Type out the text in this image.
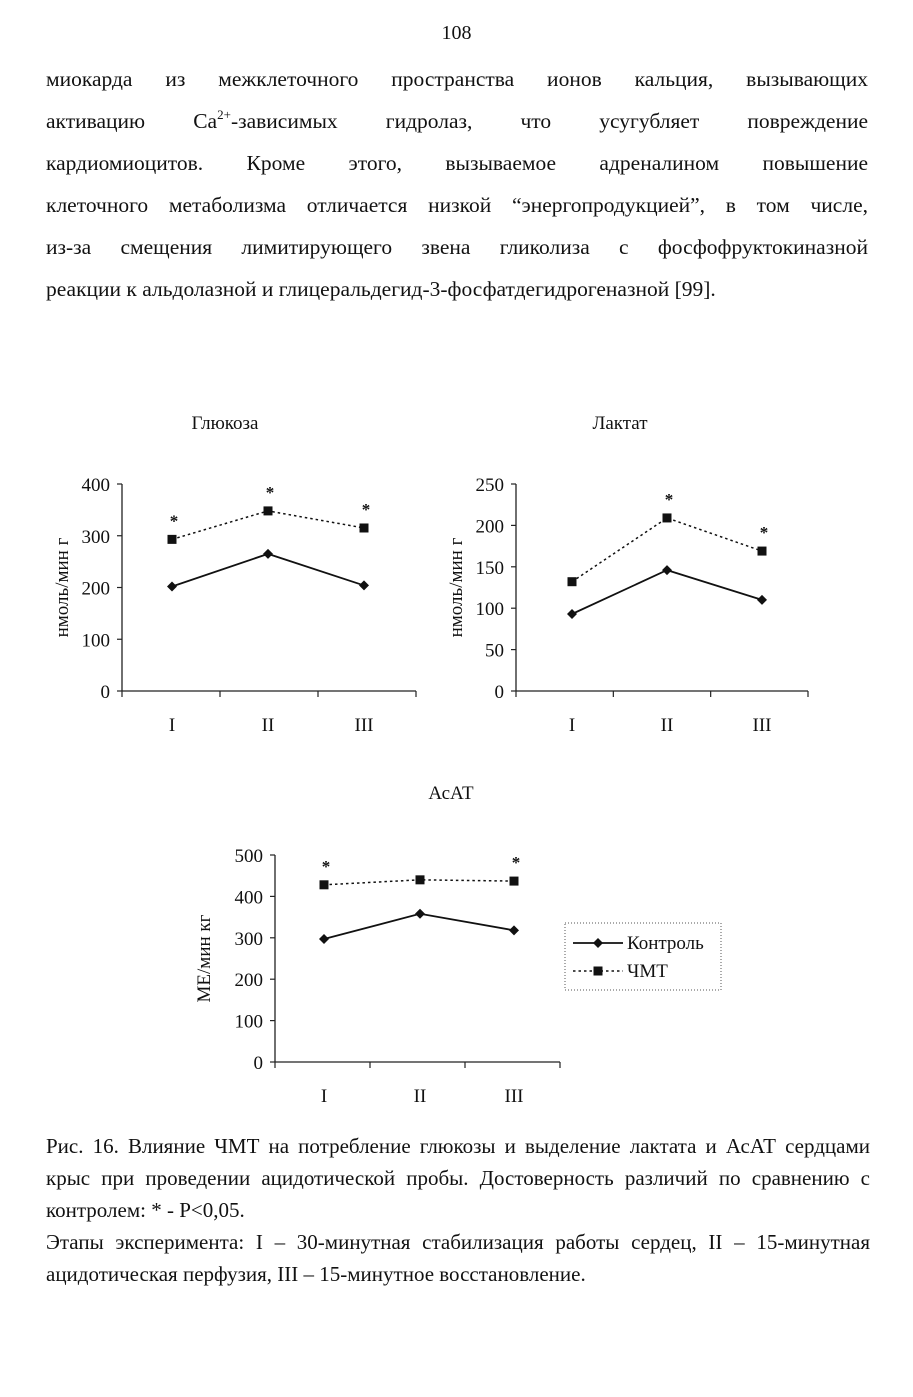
108
миокарда из межклеточного пространства ионов кальция, вызывающих
активацию $Ca^{2+}$-зависимых гидролаз, что усугубляет повреждение
кардиомиоцитов. Кроме этого, вызываемое адреналином повышение
клеточного метаболизма отличается низкой “энергопродукцией”, в том числе,
из-за смещения лимитирующего звена гликолиза с фосфофруктокиназной
реакции к альдолазной и глицеральдегид-3-фосфатдегидрогеназной [99].
Глюкоза	Лактат
АсАТ
0
100
200
300
400
I	II	III
нмоль/мин г
*
*
*
0
50
100
150
200
250
I	II	III
нмоль/мин г
*
*
0
100
200
300
400
500
I	II	III
МЕ/мин кг
*	*
Контроль
ЧМТ

Рис. 16. Влияние ЧМТ на потребление глюкозы и выделение лактата и АсАТ сердцами крыс при проведении ацидотической пробы. Достоверность различий по сравнению с контролем: * - Р<0,05.

Этапы эксперимента: I – 30-минутная стабилизация работы сердец, II – 15-минутная ацидотическая перфузия, III – 15-минутное восстановление.
